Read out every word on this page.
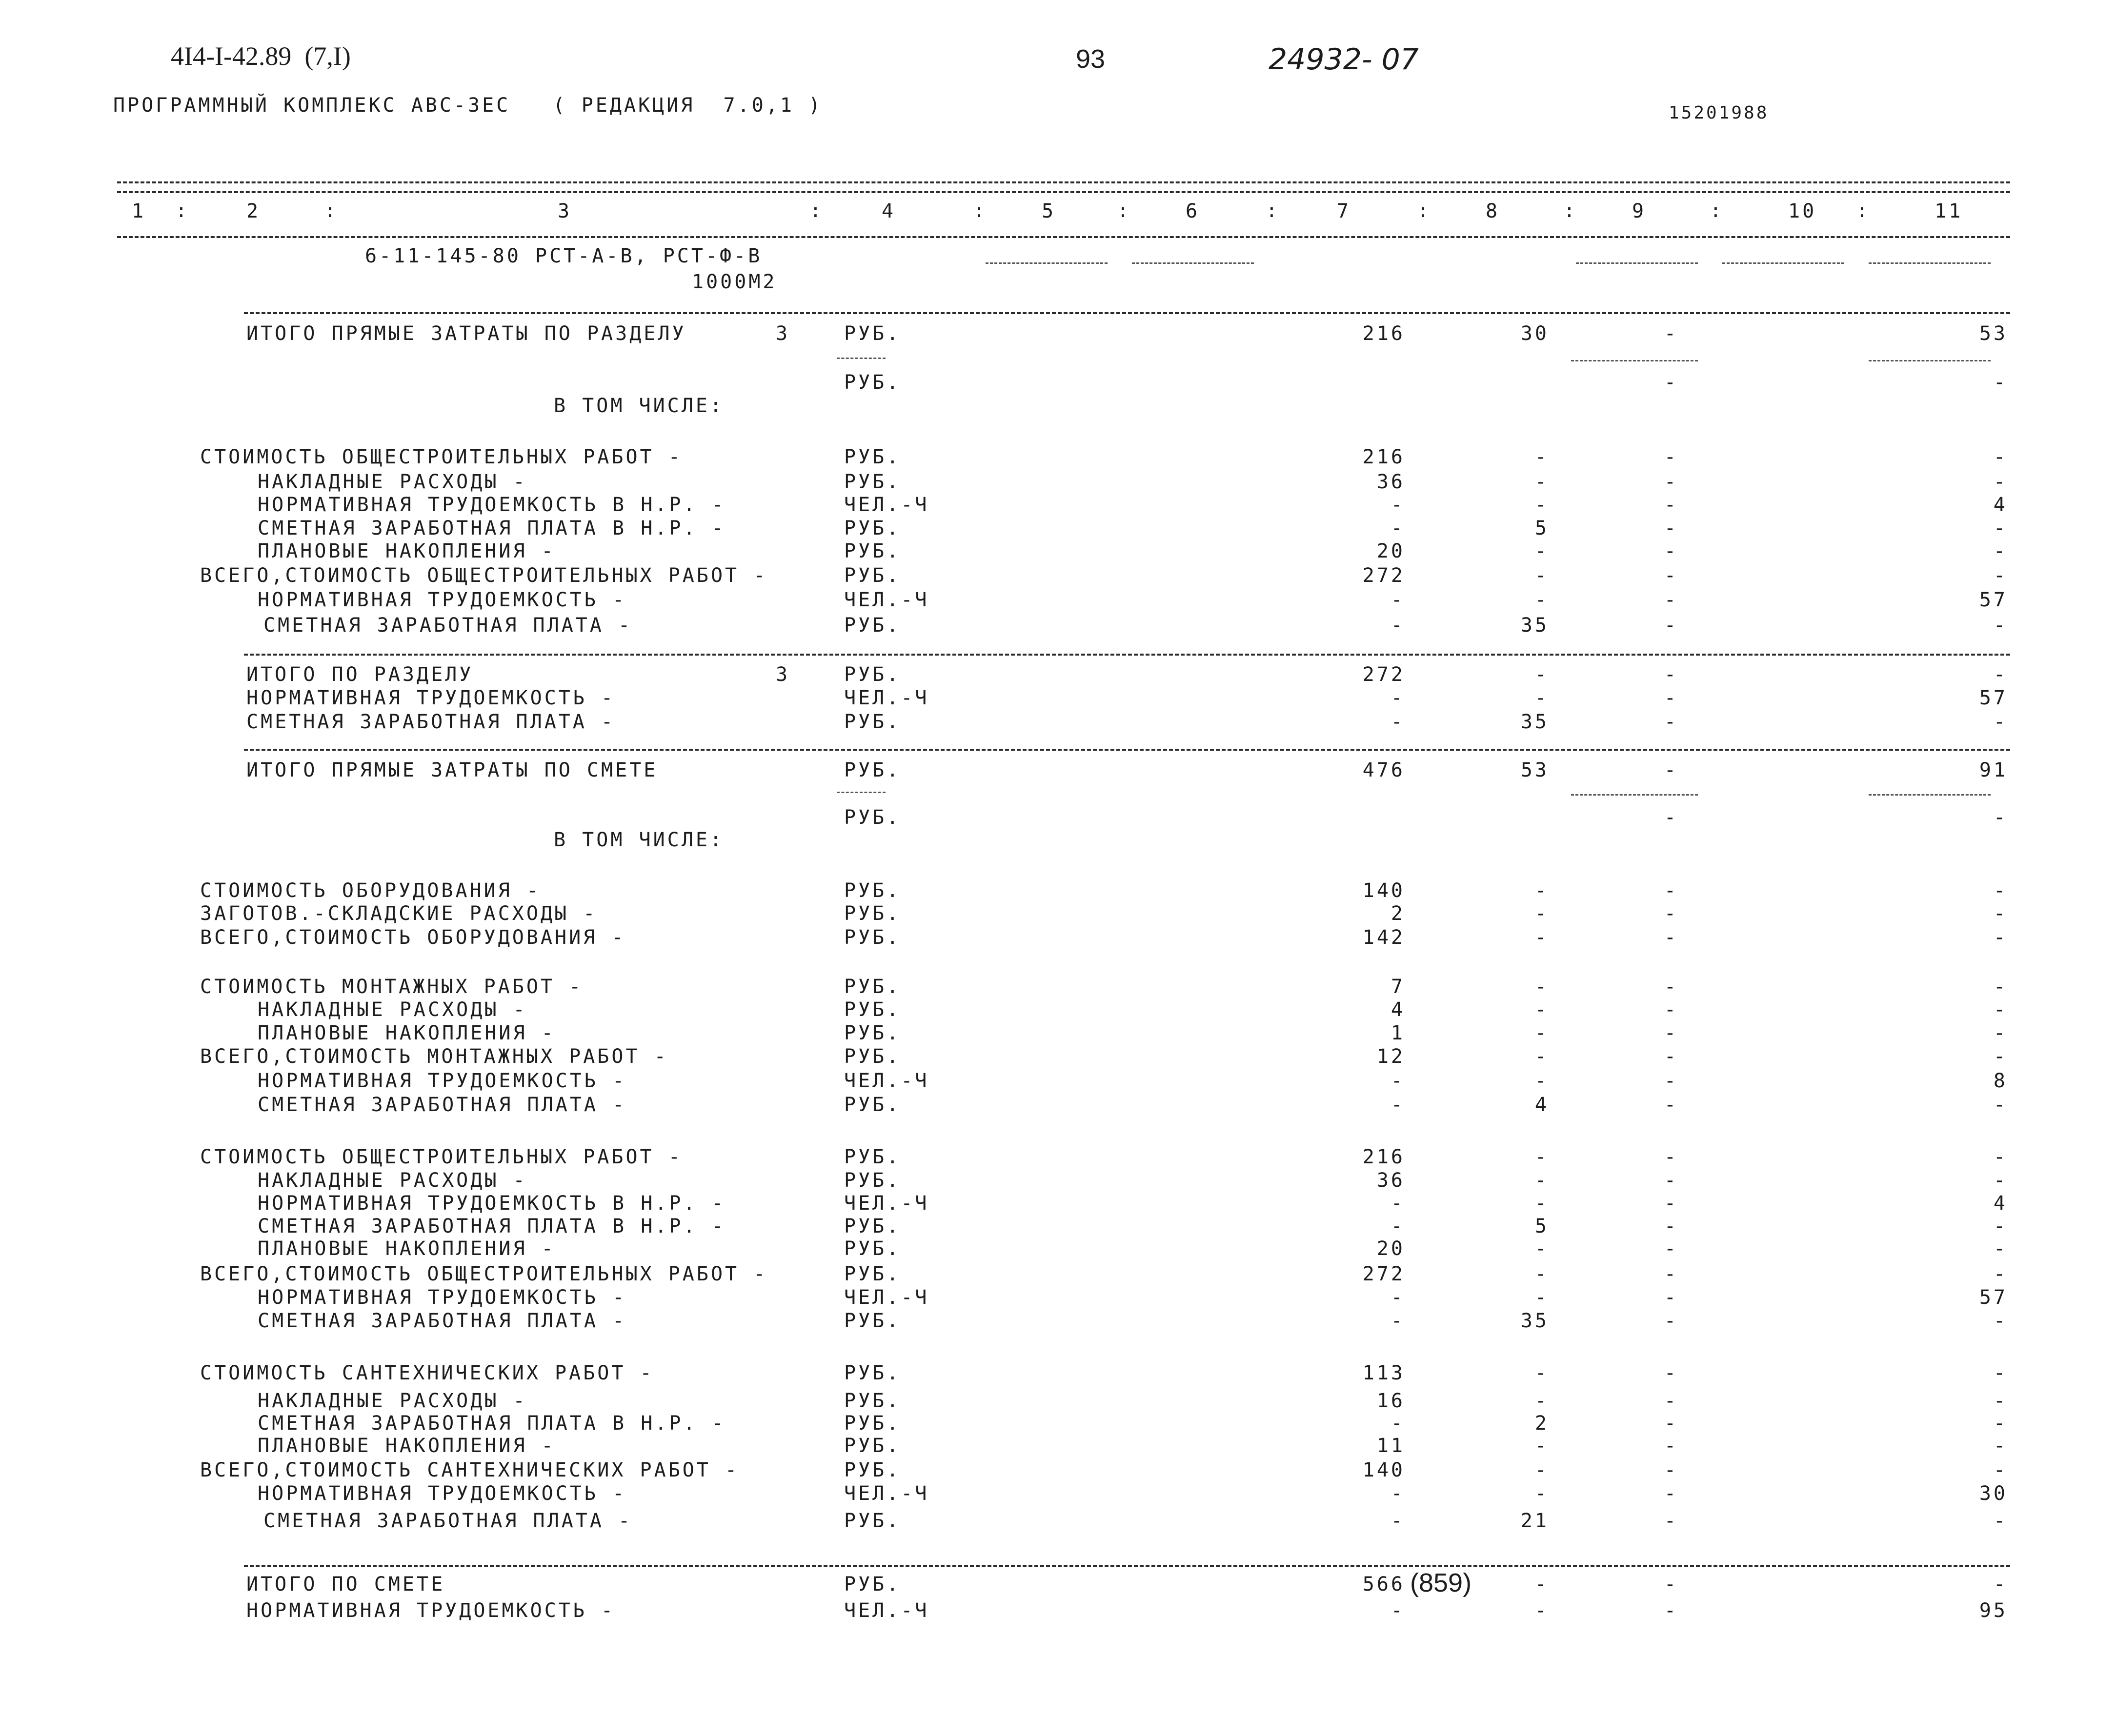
4I4-I-42.89  (7,I)	93	24932- 07
ПРОГРАММНЫЙ КОМПЛЕКС АВС-3ЕС   ( РЕДАКЦИЯ  7.0,1 )	15201988
1	2	3	4	5	6	7	8	9	10	11
:	:	:	:	:	:	:	:	:	:
6-11-145-80 РСТ-А-В, РСТ-Ф-В
1000М2
ИТОГО ПРЯМЫЕ ЗАТРАТЫ ПО РАЗДЕЛУ	3	РУБ.	216	30	-	53
РУБ.	-	-
В ТОМ ЧИСЛЕ:
СТОИМОСТЬ ОБЩЕСТРОИТЕЛЬНЫХ РАБОТ -	РУБ.	216	-	-	-
НАКЛАДНЫЕ РАСХОДЫ -	РУБ.	36	-	-	-
НОРМАТИВНАЯ ТРУДОЕМКОСТЬ В Н.Р. -	ЧЕЛ.-Ч	-	-	-	4
СМЕТНАЯ ЗАРАБОТНАЯ ПЛАТА В Н.Р. -	РУБ.	-	5	-	-
ПЛАНОВЫЕ НАКОПЛЕНИЯ -	РУБ.	20	-	-	-
ВСЕГО,СТОИМОСТЬ ОБЩЕСТРОИТЕЛЬНЫХ РАБОТ -	РУБ.	272	-	-	-
НОРМАТИВНАЯ ТРУДОЕМКОСТЬ -	ЧЕЛ.-Ч	-	-	-	57
СМЕТНАЯ ЗАРАБОТНАЯ ПЛАТА -	РУБ.	-	35	-	-
ИТОГО ПО РАЗДЕЛУ	3	РУБ.	272	-	-	-
НОРМАТИВНАЯ ТРУДОЕМКОСТЬ -	ЧЕЛ.-Ч	-	-	-	57
СМЕТНАЯ ЗАРАБОТНАЯ ПЛАТА -	РУБ.	-	35	-	-
ИТОГО ПРЯМЫЕ ЗАТРАТЫ ПО СМЕТЕ	РУБ.	476	53	-	91
РУБ.	-	-
В ТОМ ЧИСЛЕ:
СТОИМОСТЬ ОБОРУДОВАНИЯ -	РУБ.	140	-	-	-
ЗАГОТОВ.-СКЛАДСКИЕ РАСХОДЫ -	РУБ.	2	-	-	-
ВСЕГО,СТОИМОСТЬ ОБОРУДОВАНИЯ -	РУБ.	142	-	-	-
СТОИМОСТЬ МОНТАЖНЫХ РАБОТ -	РУБ.	7	-	-	-
НАКЛАДНЫЕ РАСХОДЫ -	РУБ.	4	-	-	-
ПЛАНОВЫЕ НАКОПЛЕНИЯ -	РУБ.	1	-	-	-
ВСЕГО,СТОИМОСТЬ МОНТАЖНЫХ РАБОТ -	РУБ.	12	-	-	-
НОРМАТИВНАЯ ТРУДОЕМКОСТЬ -	ЧЕЛ.-Ч	-	-	-	8
СМЕТНАЯ ЗАРАБОТНАЯ ПЛАТА -	РУБ.	-	4	-	-
СТОИМОСТЬ ОБЩЕСТРОИТЕЛЬНЫХ РАБОТ -	РУБ.	216	-	-	-
НАКЛАДНЫЕ РАСХОДЫ -	РУБ.	36	-	-	-
НОРМАТИВНАЯ ТРУДОЕМКОСТЬ В Н.Р. -	ЧЕЛ.-Ч	-	-	-	4
СМЕТНАЯ ЗАРАБОТНАЯ ПЛАТА В Н.Р. -	РУБ.	-	5	-	-
ПЛАНОВЫЕ НАКОПЛЕНИЯ -	РУБ.	20	-	-	-
ВСЕГО,СТОИМОСТЬ ОБЩЕСТРОИТЕЛЬНЫХ РАБОТ -	РУБ.	272	-	-	-
НОРМАТИВНАЯ ТРУДОЕМКОСТЬ -	ЧЕЛ.-Ч	-	-	-	57
СМЕТНАЯ ЗАРАБОТНАЯ ПЛАТА -	РУБ.	-	35	-	-
СТОИМОСТЬ САНТЕХНИЧЕСКИХ РАБОТ -	РУБ.	113	-	-	-
НАКЛАДНЫЕ РАСХОДЫ -	РУБ.	16	-	-	-
СМЕТНАЯ ЗАРАБОТНАЯ ПЛАТА В Н.Р. -	РУБ.	-	2	-	-
ПЛАНОВЫЕ НАКОПЛЕНИЯ -	РУБ.	11	-	-	-
ВСЕГО,СТОИМОСТЬ САНТЕХНИЧЕСКИХ РАБОТ -	РУБ.	140	-	-	-
НОРМАТИВНАЯ ТРУДОЕМКОСТЬ -	ЧЕЛ.-Ч	-	-	-	30
СМЕТНАЯ ЗАРАБОТНАЯ ПЛАТА -	РУБ.	-	21	-	-
ИТОГО ПО СМЕТЕ	РУБ.	566 (859)	-	-	-
НОРМАТИВНАЯ ТРУДОЕМКОСТЬ -	ЧЕЛ.-Ч	-	-	-	95
